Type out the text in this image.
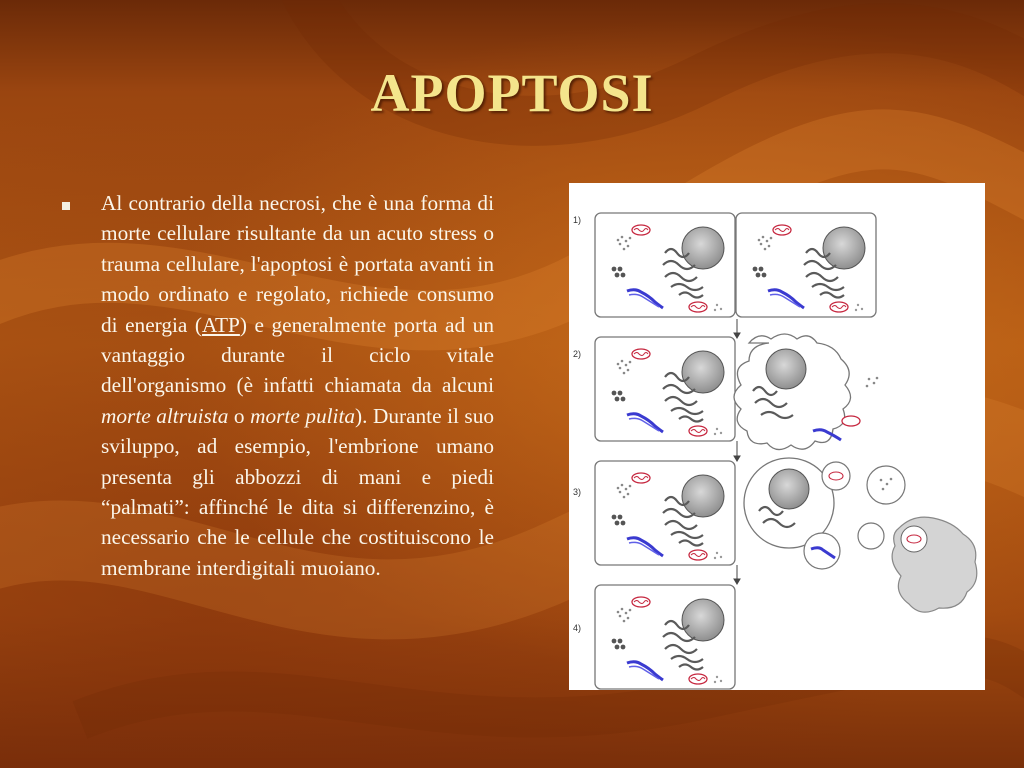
APOPTOSI
Al contrario della necrosi, che è una forma di morte cellulare risultante da un acuto stress o trauma cellulare, l'apoptosi è portata avanti in modo ordinato e regolato, richiede consumo di energia (ATP) e generalmente porta ad un vantaggio durante il ciclo vitale dell'organismo (è infatti chiamata da alcuni morte altruista o morte pulita). Durante il suo sviluppo, ad esempio, l'embrione umano presenta gli abbozzi di mani e piedi “palmati”: affinché le dita si differenzino, è necessario che le cellule che costituiscono le membrane interdigitali muoiano.
1)
2)
3)
4)
